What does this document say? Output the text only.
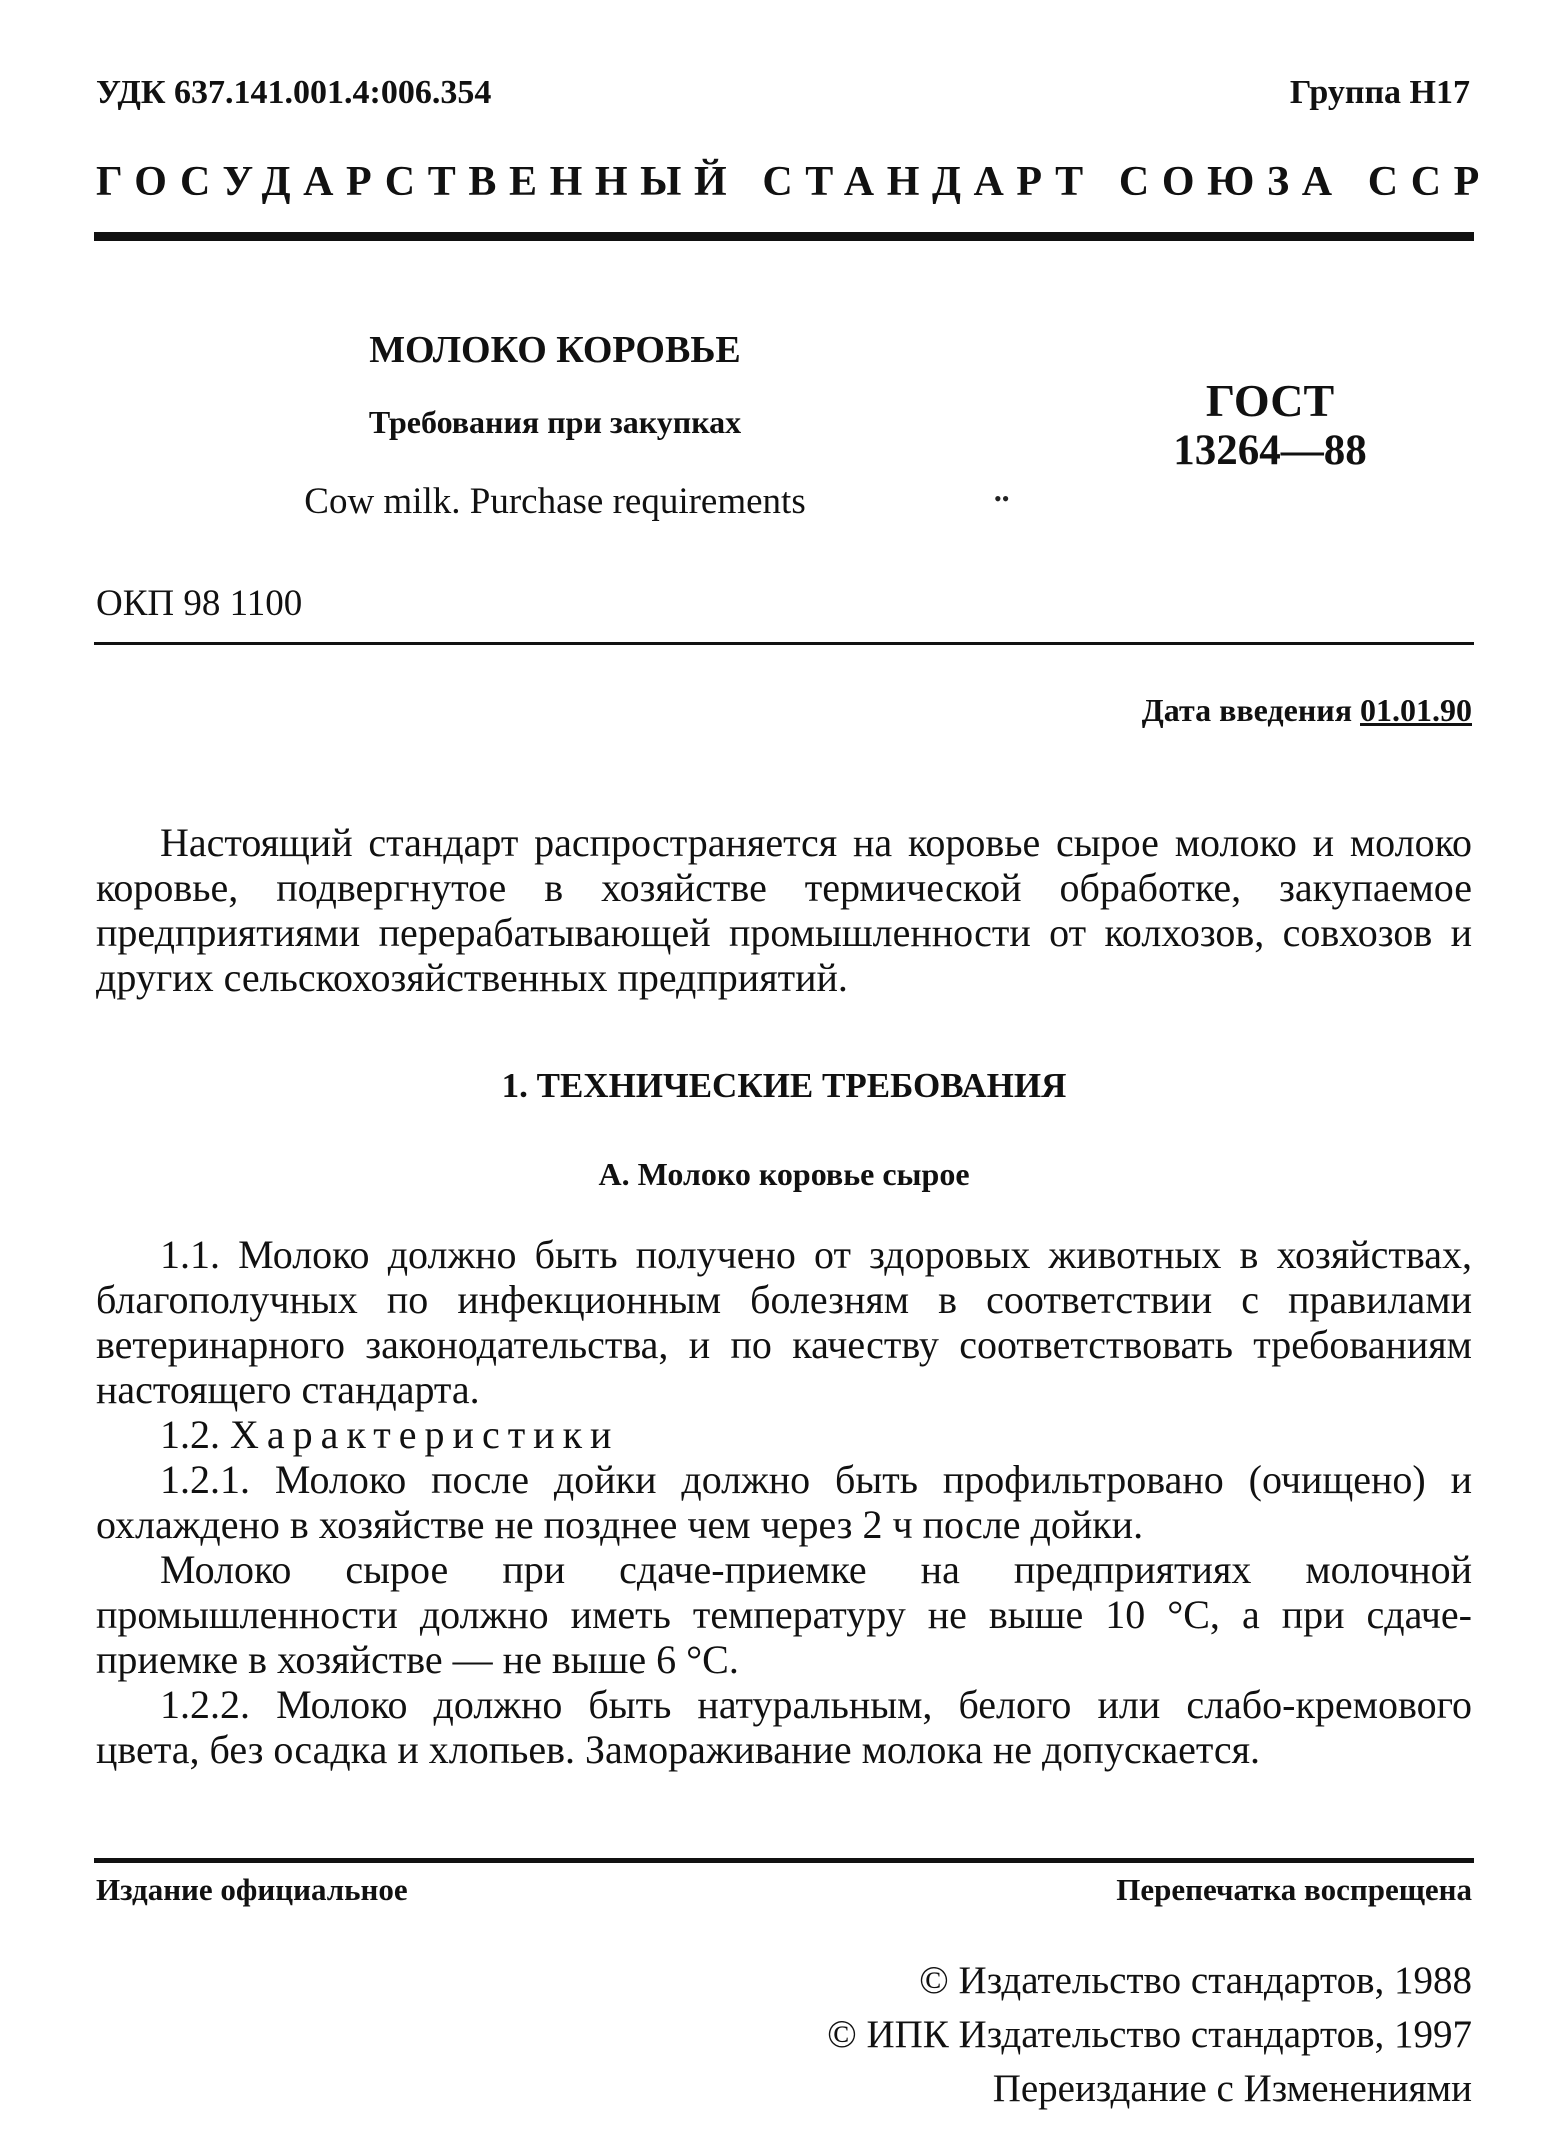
УДК 637.141.001.4:006.354	Группа Н17
ГОСУДАРСТВЕННЫЙ СТАНДАРТ СОЮЗА ССР
МОЛОКО КОРОВЬЕ
Требования при закупках
Cow milk. Purchase requirements
ГОСТ
13264—88
••
ОКП 98 1100
Дата введения 01.01.90
Настоящий стандарт распространяется на коровье сырое молоко и молоко коровье, подвергнутое в хозяйстве термической обработке, закупаемое предприятиями перерабатывающей промышленности от колхозов, совхозов и других сельскохозяйственных предприятий.
1. ТЕХНИЧЕСКИЕ ТРЕБОВАНИЯ
А. Молоко коровье сырое
1.1. Молоко должно быть получено от здоровых животных в хозяйствах, благополучных по инфекционным болезням в соответствии с правилами ветеринарного законодательства, и по качеству соответствовать требованиям настоящего стандарта.
1.2. Характеристики
1.2.1. Молоко после дойки должно быть профильтровано (очищено) и охлаждено в хозяйстве не позднее чем через 2 ч после дойки.
Молоко сырое при сдаче-приемке на предприятиях молочной промышленности должно иметь температуру не выше 10 °С, а при сдаче-приемке в хозяйстве — не выше 6 °С.
1.2.2. Молоко должно быть натуральным, белого или слабо-кремового цвета, без осадка и хлопьев. Замораживание молока не допускается.
Издание официальное	Перепечатка воспрещена
© Издательство стандартов, 1988
© ИПК Издательство стандартов, 1997
Переиздание с Изменениями
